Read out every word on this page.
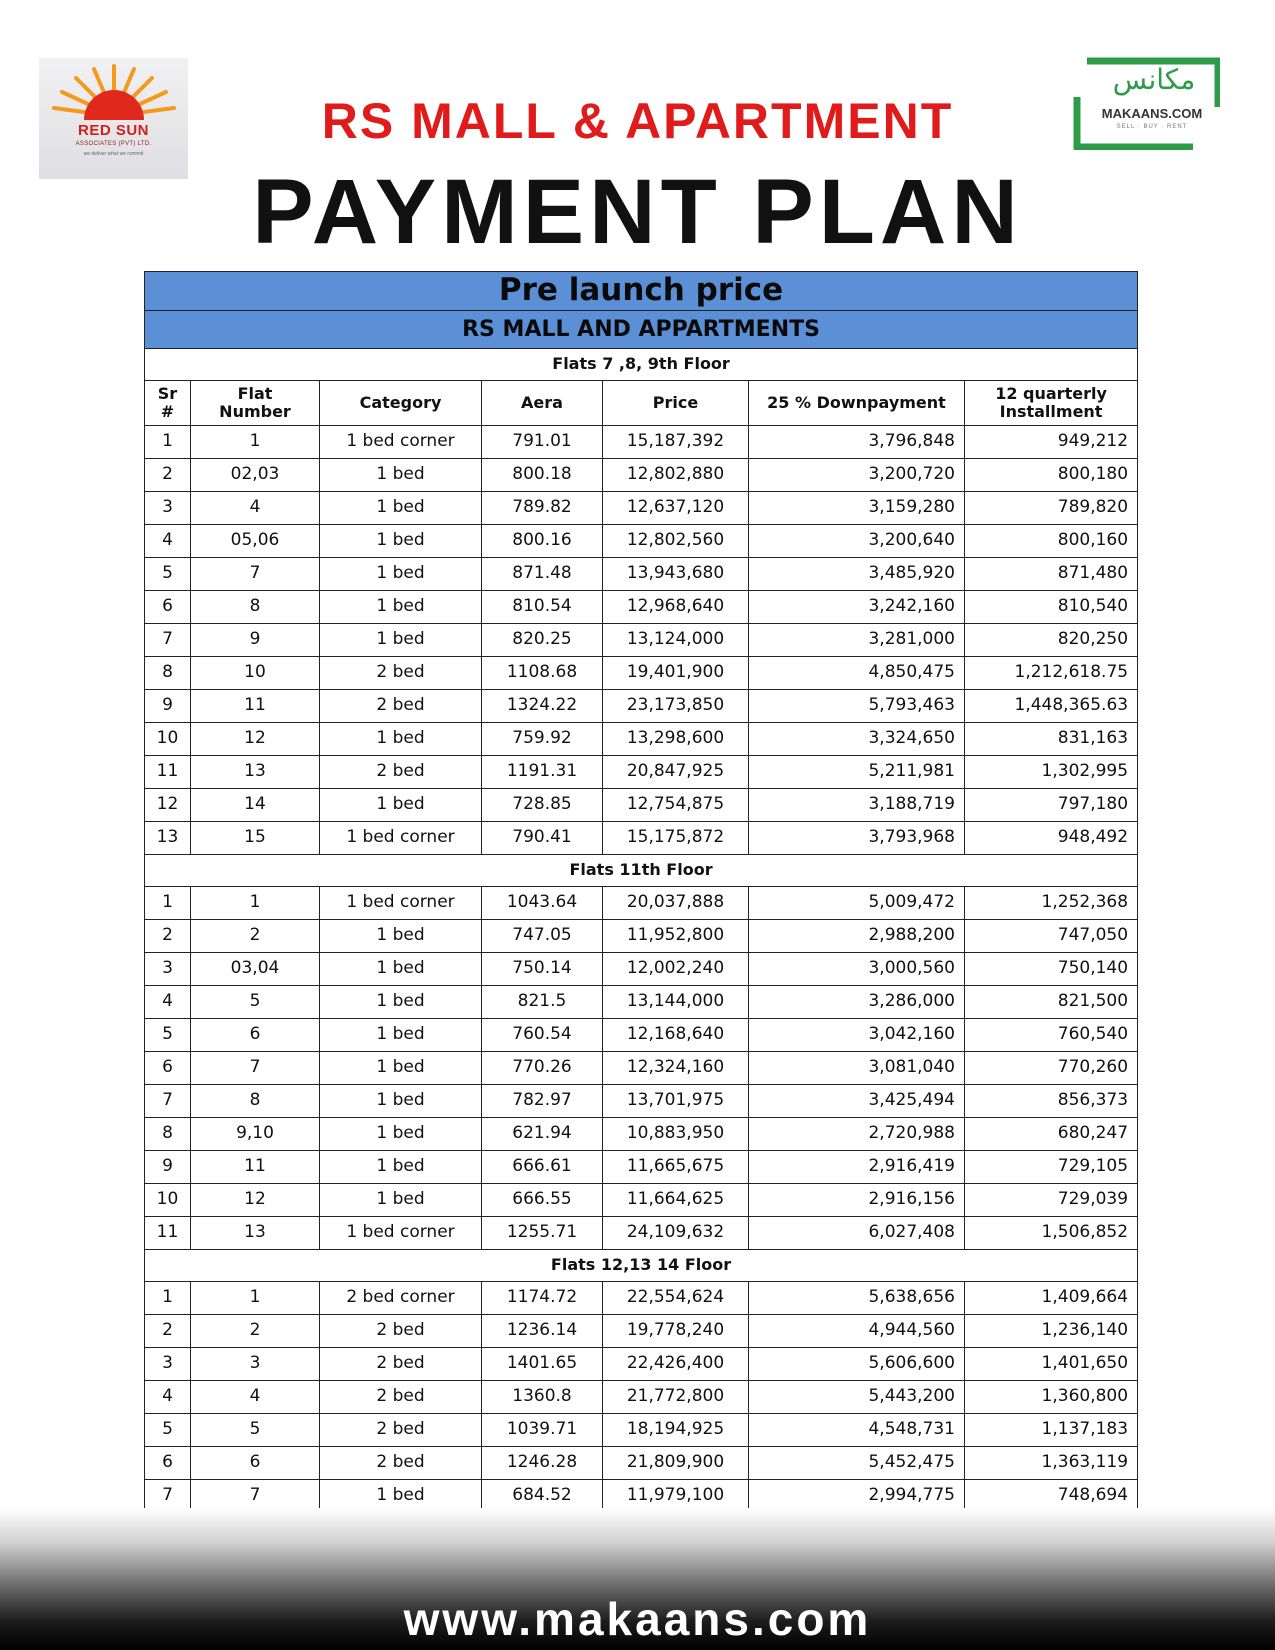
RED SUN
ASSOCIATES (PVT) LTD.
we deliver what we commit
مکانس
MAKAANS.COM
SELL · BUY · RENT
RS MALL & APARTMENT
PAYMENT PLAN
Pre launch price						
RS MALL AND APPARTMENTS						
Flats 7 ,8, 9th Floor						
Sr #	Flat Number	Category	Aera	Price	25 % Downpayment	12 quarterly Installment
1	1	1 bed corner	791.01	15,187,392	3,796,848	949,212
2	02,03	1 bed	800.18	12,802,880	3,200,720	800,180
3	4	1 bed	789.82	12,637,120	3,159,280	789,820
4	05,06	1 bed	800.16	12,802,560	3,200,640	800,160
5	7	1 bed	871.48	13,943,680	3,485,920	871,480
6	8	1 bed	810.54	12,968,640	3,242,160	810,540
7	9	1 bed	820.25	13,124,000	3,281,000	820,250
8	10	2 bed	1108.68	19,401,900	4,850,475	1,212,618.75
9	11	2 bed	1324.22	23,173,850	5,793,463	1,448,365.63
10	12	1 bed	759.92	13,298,600	3,324,650	831,163
11	13	2 bed	1191.31	20,847,925	5,211,981	1,302,995
12	14	1 bed	728.85	12,754,875	3,188,719	797,180
13	15	1 bed corner	790.41	15,175,872	3,793,968	948,492
Flats 11th Floor						
1	1	1 bed corner	1043.64	20,037,888	5,009,472	1,252,368
2	2	1 bed	747.05	11,952,800	2,988,200	747,050
3	03,04	1 bed	750.14	12,002,240	3,000,560	750,140
4	5	1 bed	821.5	13,144,000	3,286,000	821,500
5	6	1 bed	760.54	12,168,640	3,042,160	760,540
6	7	1 bed	770.26	12,324,160	3,081,040	770,260
7	8	1 bed	782.97	13,701,975	3,425,494	856,373
8	9,10	1 bed	621.94	10,883,950	2,720,988	680,247
9	11	1 bed	666.61	11,665,675	2,916,419	729,105
10	12	1 bed	666.55	11,664,625	2,916,156	729,039
11	13	1 bed corner	1255.71	24,109,632	6,027,408	1,506,852
Flats 12,13 14 Floor						
1	1	2 bed corner	1174.72	22,554,624	5,638,656	1,409,664
2	2	2 bed	1236.14	19,778,240	4,944,560	1,236,140
3	3	2 bed	1401.65	22,426,400	5,606,600	1,401,650
4	4	2 bed	1360.8	21,772,800	5,443,200	1,360,800
5	5	2 bed	1039.71	18,194,925	4,548,731	1,137,183
6	6	2 bed	1246.28	21,809,900	5,452,475	1,363,119
7	7	1 bed	684.52	11,979,100	2,994,775	748,694

www.makaans.com
